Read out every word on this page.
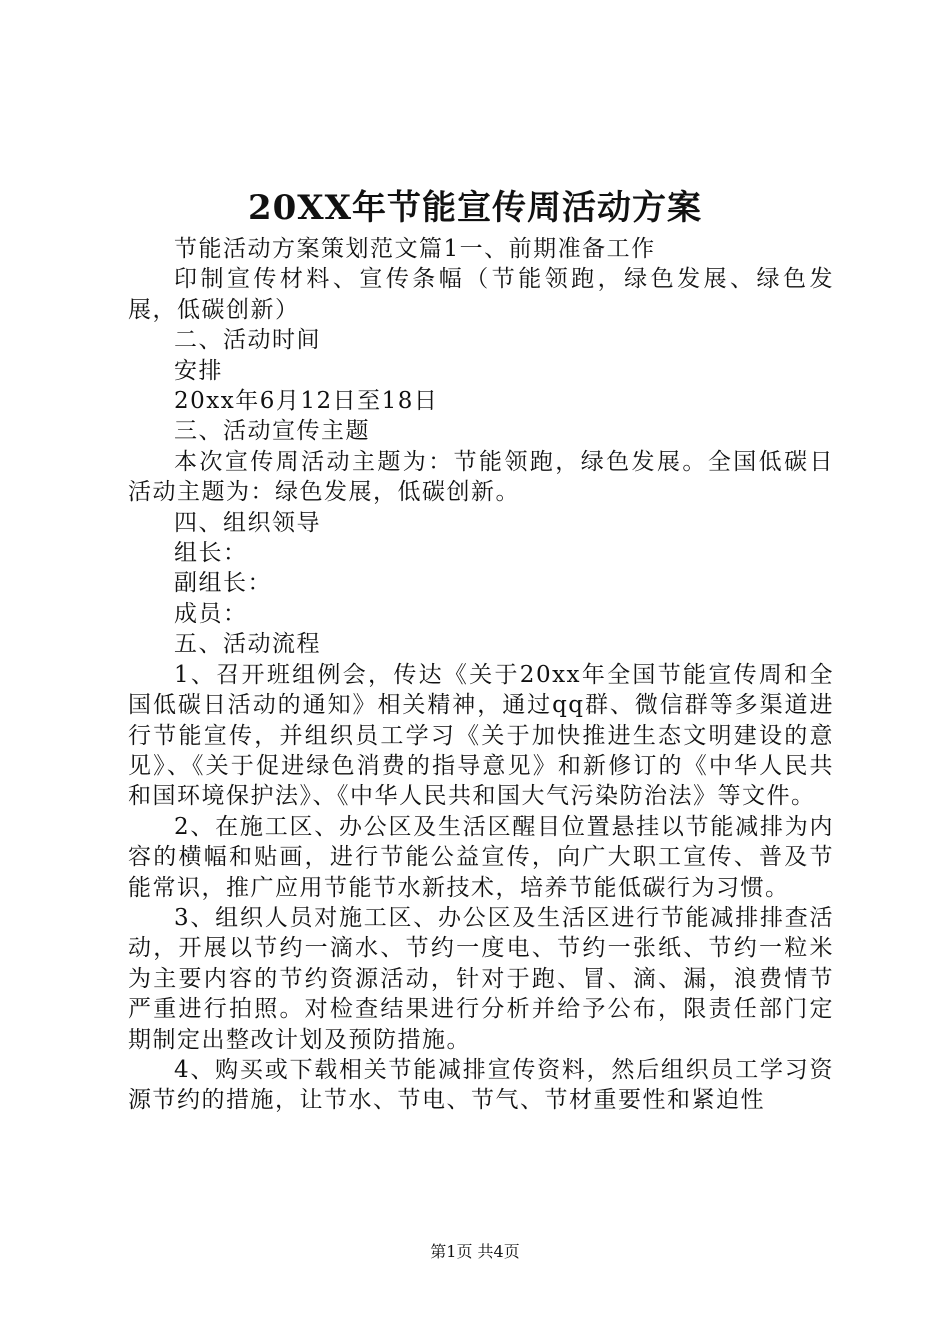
20XX年节能宣传周活动方案

节能活动方案策划范文篇1一、前期准备工作

印制宣传材料、宣传条幅（节能领跑，绿色发展、绿色发展，低碳创新）

二、活动时间

安排

20xx年6月12日至18日

三、活动宣传主题

本次宣传周活动主题为：节能领跑，绿色发展。全国低碳日活动主题为：绿色发展，低碳创新。

四、组织领导

组长：

副组长：

成员：

五、活动流程

1、召开班组例会，传达《关于20xx年全国节能宣传周和全国低碳日活动的通知》相关精神，通过qq群、微信群等多渠道进行节能宣传，并组织员工学习《关于加快推进生态文明建设的意见》、《关于促进绿色消费的指导意见》和新修订的《中华人民共和国环境保护法》、《中华人民共和国大气污染防治法》等文件。

2、在施工区、办公区及生活区醒目位置悬挂以节能减排为内容的横幅和贴画，进行节能公益宣传，向广大职工宣传、普及节能常识，推广应用节能节水新技术，培养节能低碳行为习惯。

3、组织人员对施工区、办公区及生活区进行节能减排排查活动，开展以节约一滴水、节约一度电、节约一张纸、节约一粒米为主要内容的节约资源活动，针对于跑、冒、滴、漏，浪费情节严重进行拍照。对检查结果进行分析并给予公布，限责任部门定期制定出整改计划及预防措施。

4、购买或下载相关节能减排宣传资料，然后组织员工学习资源节约的措施，让节水、节电、节气、节材重要性和紧迫性

第1页 共4页
